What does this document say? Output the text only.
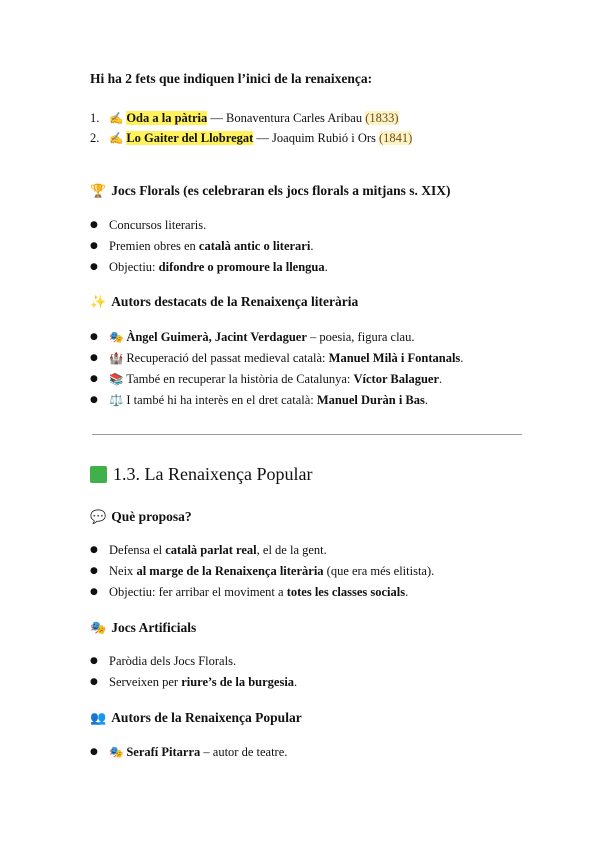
Hi ha 2 fets que indiquen l’inici de la renaixença:
1. ✍️ Oda a la pàtria — Bonaventura Carles Aribau (1833)
2. ✍️ Lo Gaiter del Llobregat — Joaquim Rubió i Ors (1841)
🏆 Jocs Florals (es celebraran els jocs florals a mitjans s. XIX)
● Concursos literaris.
● Premien obres en català antic o literari.
● Objectiu: difondre o promoure la llengua.
✨ Autors destacats de la Renaixença literària
● 🎭 Àngel Guimerà, Jacint Verdaguer – poesia, figura clau.
● 🏰 Recuperació del passat medieval català: Manuel Milà i Fontanals.
● 📚 També en recuperar la història de Catalunya: Víctor Balaguer.
● ⚖️ I també hi ha interès en el dret català: Manuel Duràn i Bas.
1.3. La Renaixença Popular
💬 Què proposa?
● Defensa el català parlat real, el de la gent.
● Neix al marge de la Renaixença literària (que era més elitista).
● Objectiu: fer arribar el moviment a totes les classes socials.
🎭 Jocs Artificials
● Paròdia dels Jocs Florals.
● Serveixen per riure’s de la burgesia.
👥 Autors de la Renaixença Popular
● 🎭 Serafí Pitarra – autor de teatre.
